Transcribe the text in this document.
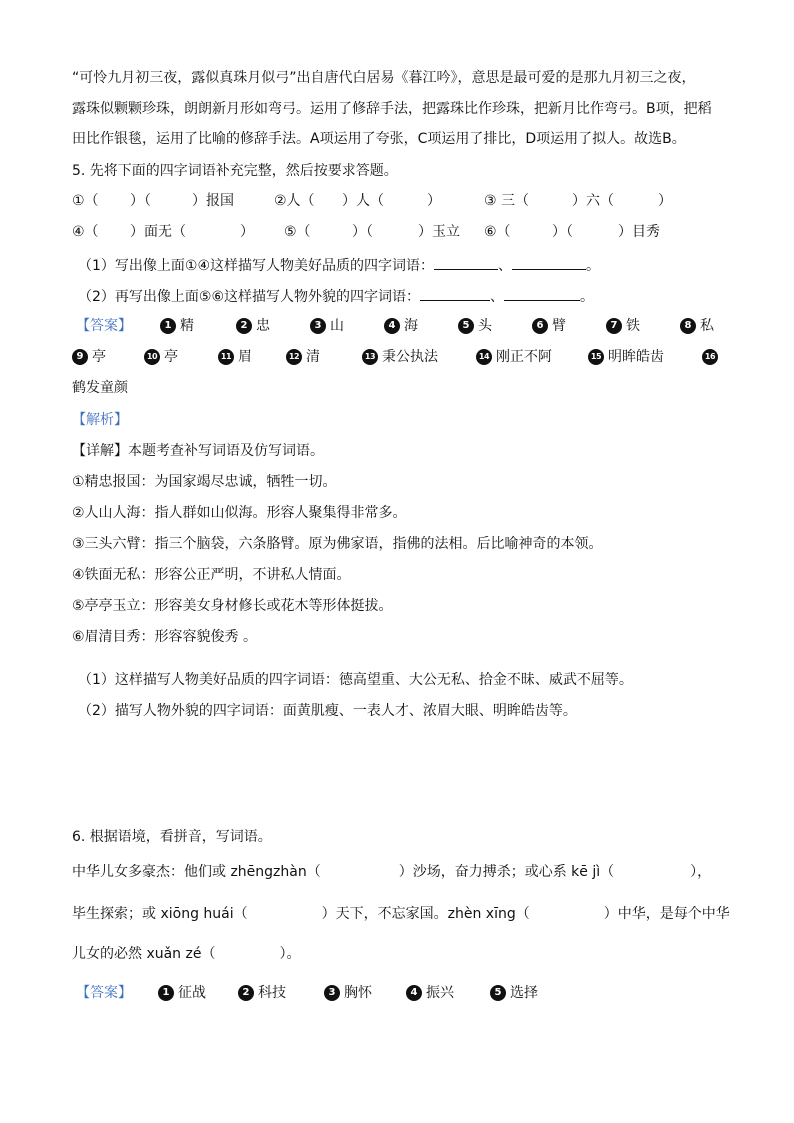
“可怜九月初三夜，露似真珠月似弓”出自唐代白居易《暮江吟》，意思是最可爱的是那九月初三之夜，
露珠似颗颗珍珠，朗朗新月形如弯弓。运用了修辞手法，把露珠比作珍珠，把新月比作弯弓。B项，把稻
田比作银毯，运用了比喻的修辞手法。A项运用了夸张，C项运用了排比，D项运用了拟人。故选B。
5. 先将下面的四字词语补充完整，然后按要求答题。
①（ ）（	）报国	②人（ ）人（	）	③ 三（	）六（	）
④（ ）面无（	） ⑤（	）（	）玉立 ⑥（	）（	）目秀
（1）写出像上面①④这样描写人物美好品质的四字词语：	、	。
（2）再写出像上面⑤⑥这样描写人物外貌的四字词语：	、	。
【答案】	1 精	2 忠	3 山	4 海	5 头	6 臂	7 铁	8 私
9 亭	10 亭	11 眉	12 清	13 秉公执法	14 刚正不阿	15 明眸皓齿	16
鹤发童颜
【解析】
【详解】本题考查补写词语及仿写词语。
①精忠报国：为国家竭尽忠诚，牺牲一切。
②人山人海：指人群如山似海。形容人聚集得非常多。
③三头六臂：指三个脑袋，六条胳臂。原为佛家语，指佛的法相。后比喻神奇的本领。
④铁面无私：形容公正严明，不讲私人情面。
⑤亭亭玉立：形容美女身材修长或花木等形体挺拔。
⑥眉清目秀：形容容貌俊秀 。
（1）这样描写人物美好品质的四字词语：德高望重、大公无私、拾金不昧、威武不屈等。
（2）描写人物外貌的四字词语：面黄肌瘦、一表人才、浓眉大眼、明眸皓齿等。
6. 根据语境，看拼音，写词语。
中华儿女多豪杰：他们或 zhēngzhàn（	）沙场，奋力搏杀；或心系 kē jì（	），
毕生探索；或 xiōng huái（	）天下，不忘家国。zhèn xīng（	）中华，是每个中华
儿女的必然 xuǎn zé（	）。
【答案】	1 征战	2 科技	3 胸怀	4 振兴	5 选择
